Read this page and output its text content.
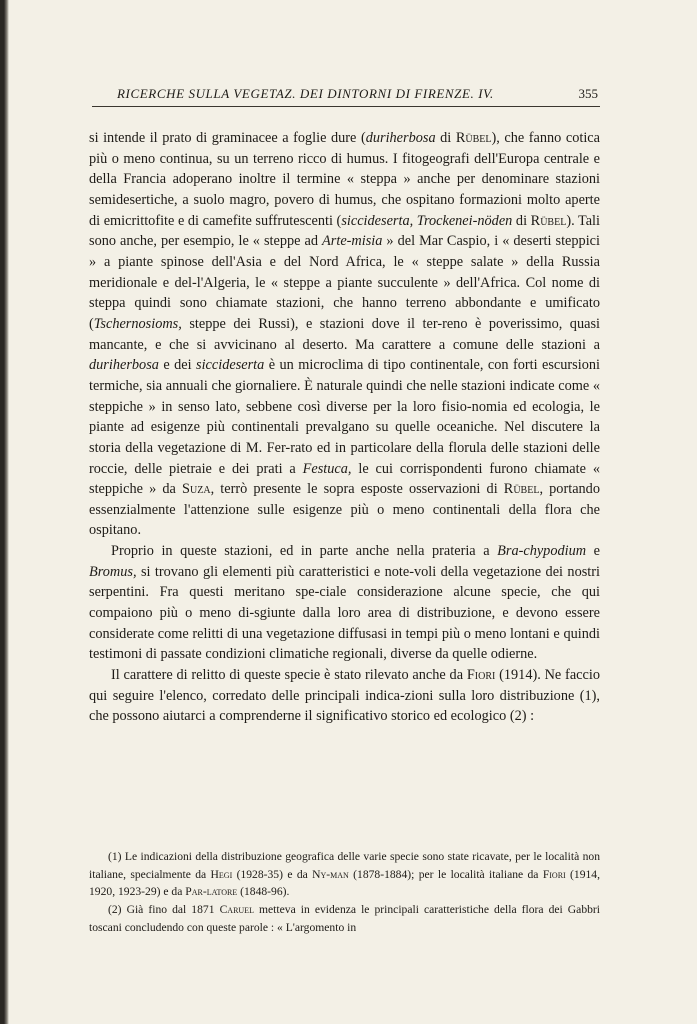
RICERCHE SULLA VEGETAZ. DEI DINTORNI DI FIRENZE. IV.	355

si intende il prato di graminacee a foglie dure (duriherbosa di Rübel), che fanno cotica più o meno continua, su un terreno ricco di humus. I fitogeografi dell'Europa centrale e della Francia adoperano inoltre il termine « steppa » anche per denominare stazioni semidesertiche, a suolo magro, povero di humus, che ospitano formazioni molto aperte di emicrittofite e di camefite suffrutescenti (siccideserta, Trockenei-nöden di Rübel). Tali sono anche, per esempio, le « steppe ad Arte-misia » del Mar Caspio, i « deserti steppici » a piante spinose dell'Asia e del Nord Africa, le « steppe salate » della Russia meridionale e del-l'Algeria, le « steppe a piante succulente » dell'Africa. Col nome di steppa quindi sono chiamate stazioni, che hanno terreno abbondante e umificato (Tschernosioms, steppe dei Russi), e stazioni dove il ter-reno è poverissimo, quasi mancante, e che si avvicinano al deserto. Ma carattere a comune delle stazioni a duriherbosa e dei siccideserta è un microclima di tipo continentale, con forti escursioni termiche, sia annuali che giornaliere. È naturale quindi che nelle stazioni indicate come « steppiche » in senso lato, sebbene così diverse per la loro fisio-nomia ed ecologia, le piante ad esigenze più continentali prevalgano su quelle oceaniche. Nel discutere la storia della vegetazione di M. Fer-rato ed in particolare della florula delle stazioni delle roccie, delle pietraie e dei prati a Festuca, le cui corrispondenti furono chiamate « steppiche » da Suza, terrò presente le sopra esposte osservazioni di Rübel, portando essenzialmente l'attenzione sulle esigenze più o meno continentali della flora che ospitano.

Proprio in queste stazioni, ed in parte anche nella prateria a Bra-chypodium e Bromus, si trovano gli elementi più caratteristici e note-voli della vegetazione dei nostri serpentini. Fra questi meritano spe-ciale considerazione alcune specie, che qui compaiono più o meno di-sgiunte dalla loro area di distribuzione, e devono essere considerate come relitti di una vegetazione diffusasi in tempi più o meno lontani e quindi testimoni di passate condizioni climatiche regionali, diverse da quelle odierne.

Il carattere di relitto di queste specie è stato rilevato anche da Fiori (1914). Ne faccio qui seguire l'elenco, corredato delle principali indica-zioni sulla loro distribuzione (1), che possono aiutarci a comprenderne il significativo storico ed ecologico (2) :

(1) Le indicazioni della distribuzione geografica delle varie specie sono state ricavate, per le località non italiane, specialmente da Hegi (1928-35) e da Ny-man (1878-1884); per le località italiane da Fiori (1914, 1920, 1923-29) e da Par-latore (1848-96).

(2) Già fino dal 1871 Caruel metteva in evidenza le principali caratteristiche della flora dei Gabbri toscani concludendo con queste parole : « L'argomento in
